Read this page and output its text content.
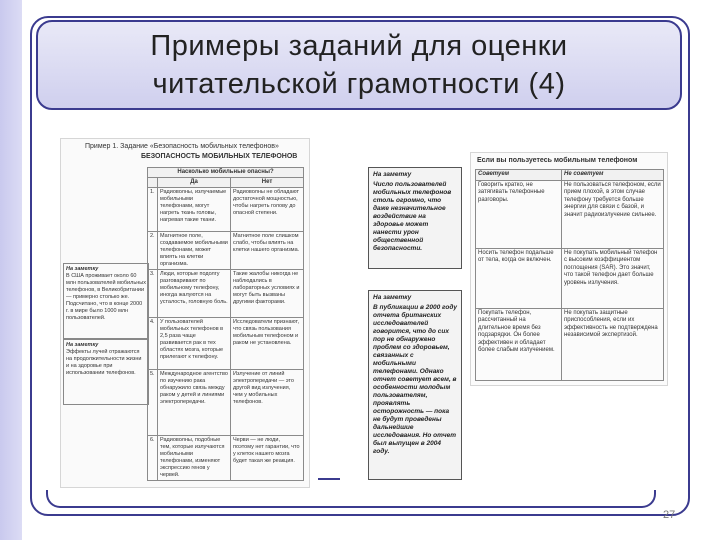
Примеры заданий для оценки
читательской грамотности (4)
Пример 1. Задание «Безопасность мобильных телефонов»
БЕЗОПАСНОСТЬ МОБИЛЬНЫХ ТЕЛЕФОНОВ
Насколько мобильные опасны?		
	Да	Нет
1.	Радиоволны, излучаемые мобильными телефонами, могут нагреть ткань головы, нагревая такие ткани.	Радиоволны не обладают достаточной мощностью, чтобы нагреть голову до опасной степени.
2.	Магнитное поле, создаваемое мобильными телефонами, может влиять на клетки организма.	Магнитное поле слишком слабо, чтобы влиять на клетки нашего организма.
3.	Люди, которые подолгу разговаривают по мобильному телефону, иногда жалуются на усталость, головную боль.	Такие жалобы никогда не наблюдались в лабораторных условиях и могут быть вызваны другими факторами.
4.	У пользователей мобильных телефонов в 2,5 раза чаще развивается рак в тех областях мозга, которые прилегают к телефону.	Исследователи признают, что связь пользования мобильным телефоном и раком не установлена.
5.	Международное агентство по изучению рака обнаружило связь между раком у детей и линиями электропередачи.	Излучение от линий электропередачи — это другой вид излучения, чем у мобильных телефонов.
6.	Радиоволны, подобные тем, которые излучаются мобильными телефонами, изменяют экспрессию генов у червей.	Черви — не люди, поэтому нет гарантии, что у клеток нашего мозга будет такая же реакция.
На заметку
В США проживает около 60 млн пользователей мобильных телефонов, в Великобритании — примерно столько же. Подсчитано, что в конце 2000 г. в мире было 1000 млн пользователей.
На заметку
Эффекты лучей отражаются на продолжительности жизни и на здоровье при использовании телефонов.
На заметку
Число пользователей мобильных телефонов столь огромно, что даже незначительное воздействие на здоровье может нанести урон общественной безопасности.
На заметку
В публикации в 2000 году отчета британских исследователей говорится, что до сих пор не обнаружено проблем со здоровьем, связанных с мобильными телефонами. Однако отчет советует всем, в особенности молодым пользователям, проявлять осторожность — пока не будут проведены дальнейшие исследования. Но отчет был выпущен в 2004 году.
Если вы пользуетесь мобильным телефоном
Советуем	Не советуем
Говорить кратко, не затягивать телефонные разговоры.	Не пользоваться телефоном, если прием плохой, в этом случае телефону требуется больше энергии для связи с базой, и значит радиоизлучение сильнее.
Носить телефон подальше от тела, когда он включен.	Не покупать мобильный телефон с высоким коэффициентом поглощения (SAR). Это значит, что такой телефон дает больше уровень излучения.
Покупать телефон, рассчитанный на длительное время без подзарядки. Он более эффективен и обладает более слабым излучением.	Не покупать защитные приспособления, если их эффективность не подтверждена независимой экспертизой.
27
